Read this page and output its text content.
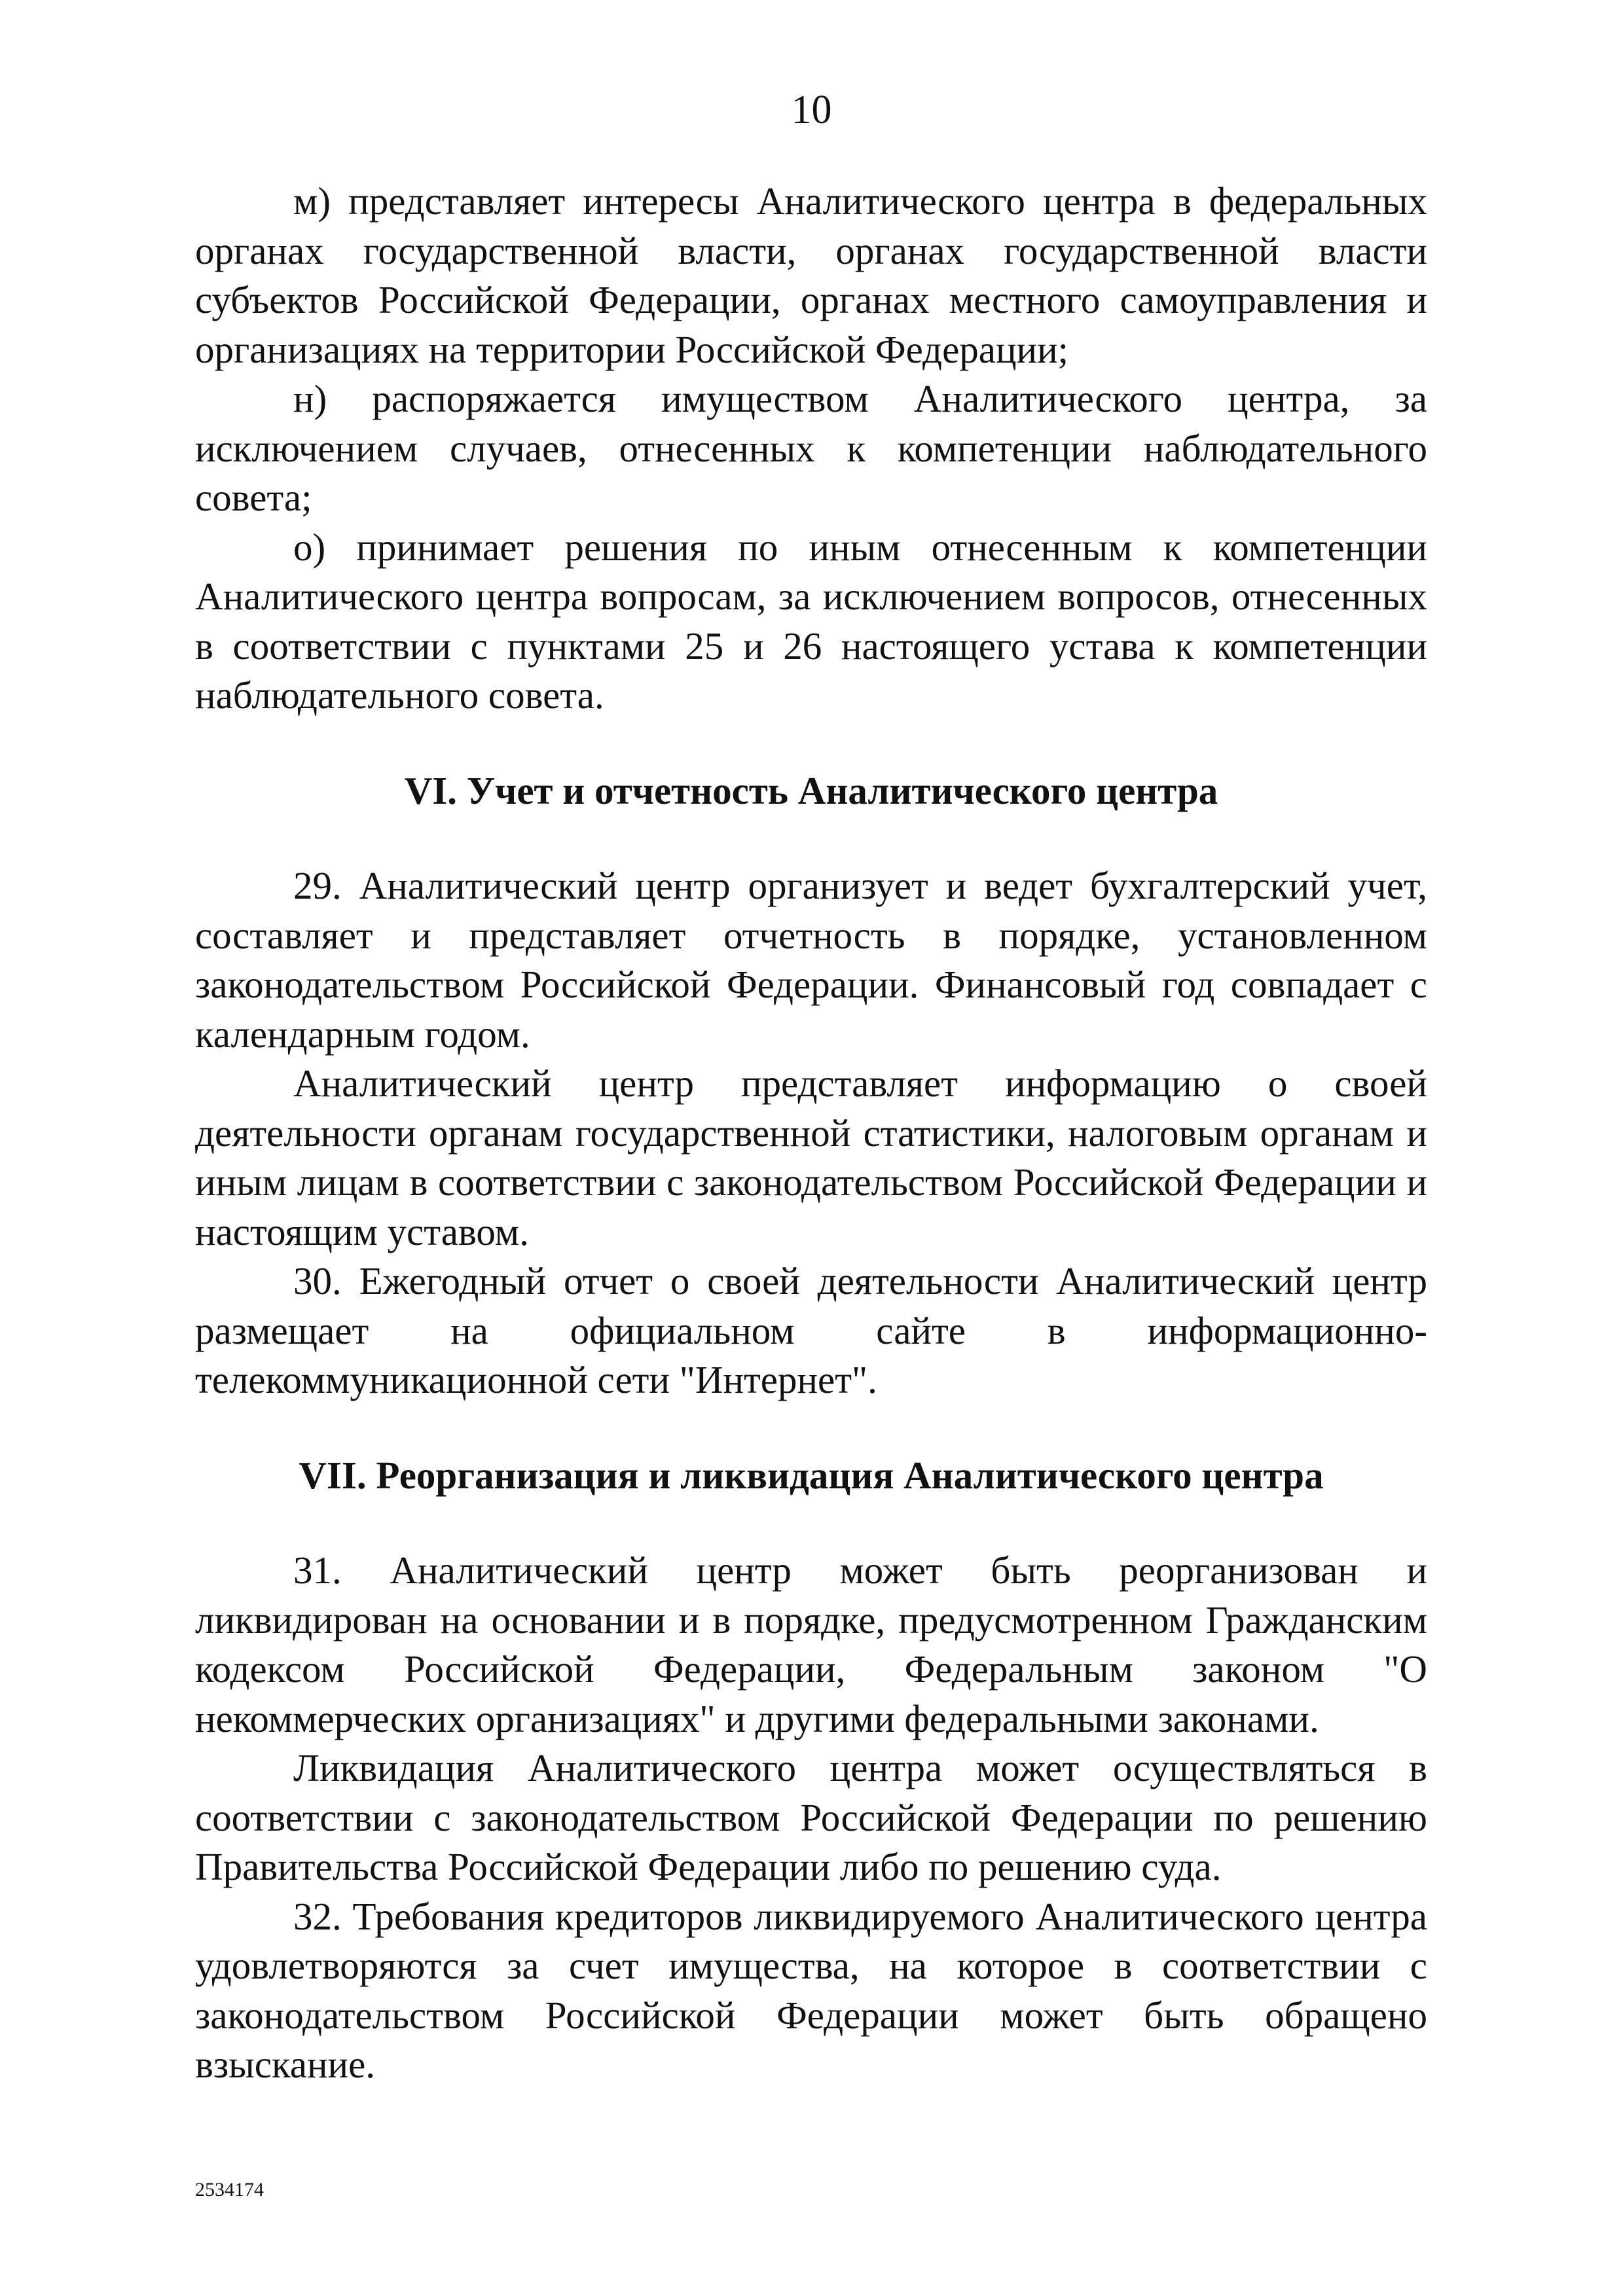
10

м) представляет интересы Аналитического центра в федеральных органах государственной власти, органах государственной власти субъектов Российской Федерации, органах местного самоуправления и организациях на территории Российской Федерации;

н) распоряжается имуществом Аналитического центра, за исключением случаев, отнесенных к компетенции наблюдательного совета;

о) принимает решения по иным отнесенным к компетенции Аналитического центра вопросам, за исключением вопросов, отнесенных в соответствии с пунктами 25 и 26 настоящего устава к компетенции наблюдательного совета.

VI. Учет и отчетность Аналитического центра

29. Аналитический центр организует и ведет бухгалтерский учет, составляет и представляет отчетность в порядке, установленном законодательством Российской Федерации. Финансовый год совпадает с календарным годом.

Аналитический центр представляет информацию о своей деятельности органам государственной статистики, налоговым органам и иным лицам в соответствии с законодательством Российской Федерации и настоящим уставом.

30. Ежегодный отчет о своей деятельности Аналитический центр размещает на официальном сайте в информационно-телекоммуникационной сети "Интернет".

VII. Реорганизация и ликвидация Аналитического центра

31. Аналитический центр может быть реорганизован и ликвидирован на основании и в порядке, предусмотренном Гражданским кодексом Российской Федерации, Федеральным законом "О некоммерческих организациях" и другими федеральными законами.

Ликвидация Аналитического центра может осуществляться в соответствии с законодательством Российской Федерации по решению Правительства Российской Федерации либо по решению суда.

32. Требования кредиторов ликвидируемого Аналитического центра удовлетворяются за счет имущества, на которое в соответствии с законодательством Российской Федерации может быть обращено взыскание.

2534174
